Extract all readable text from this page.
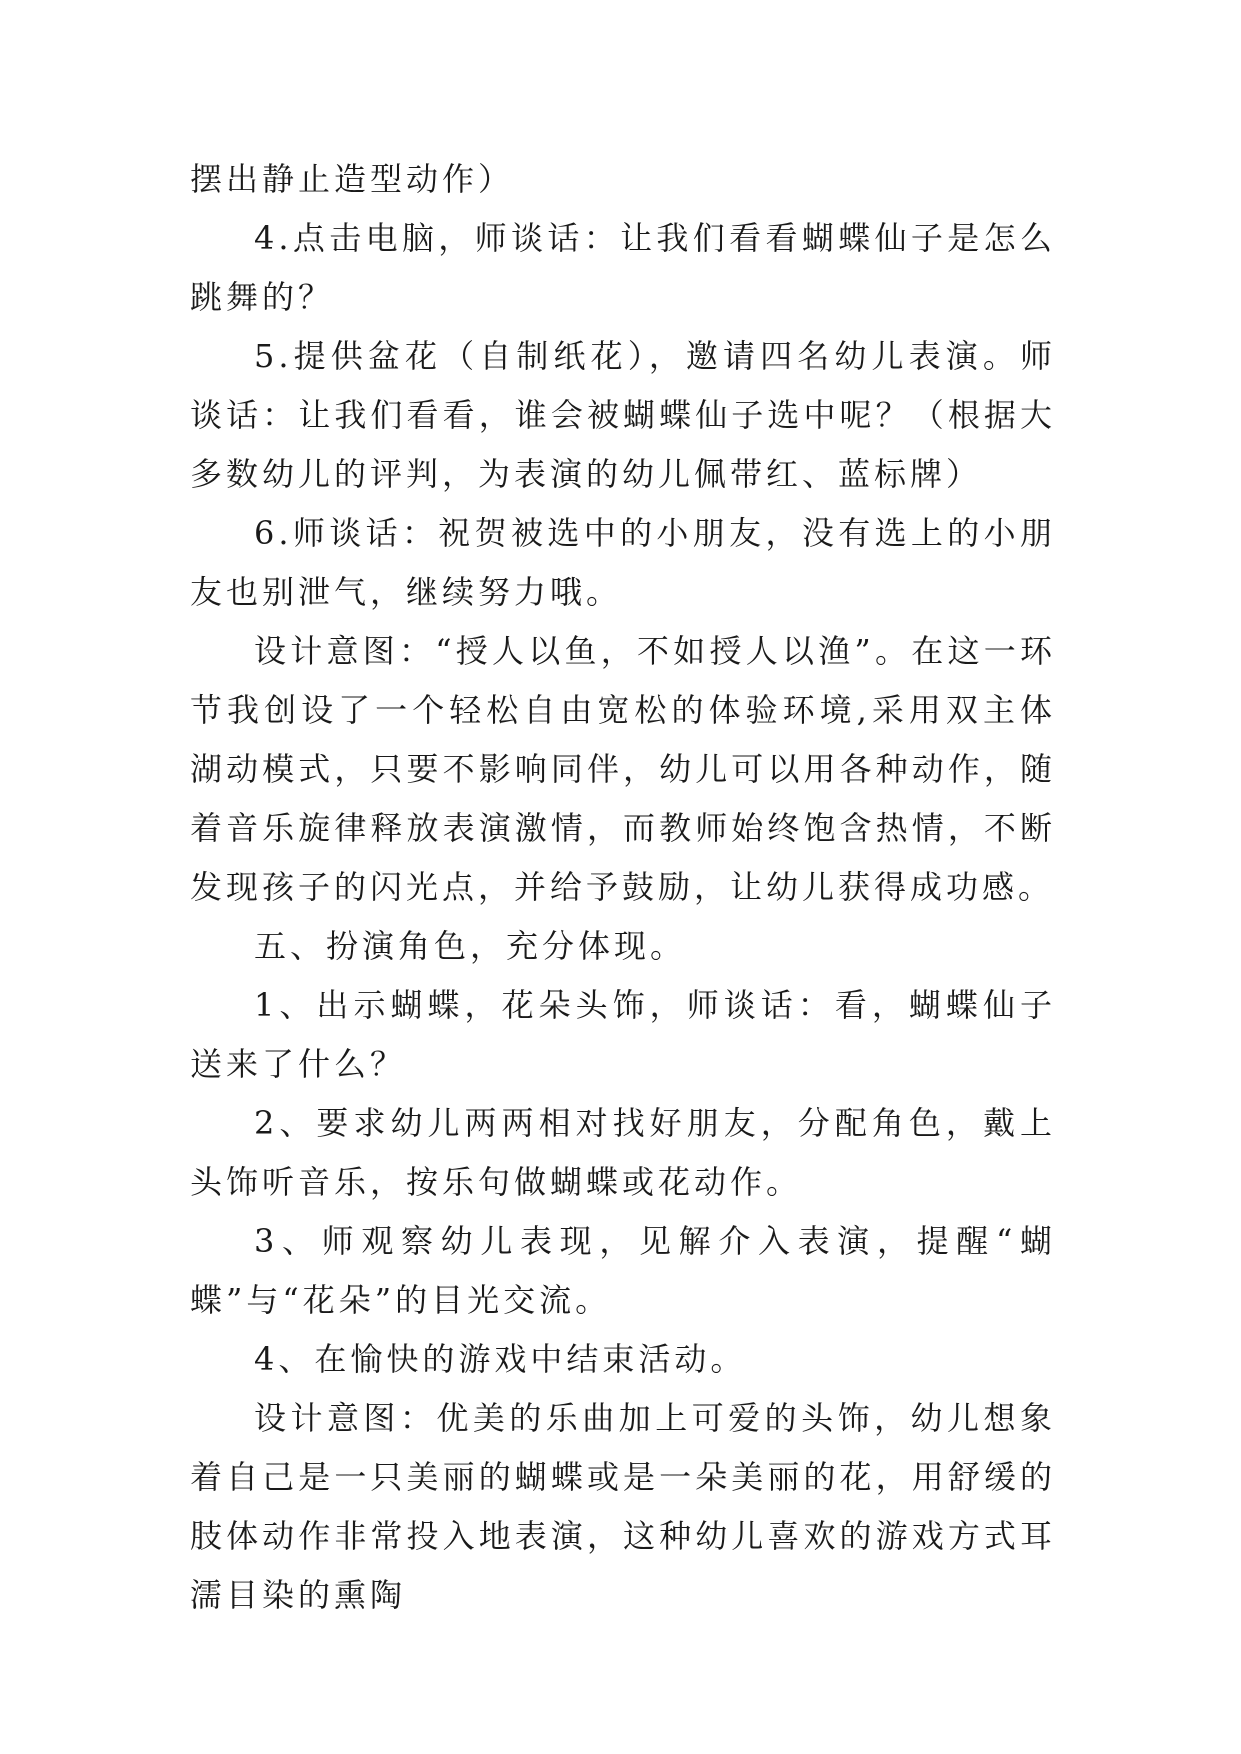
摆出静止造型动作）

4.点击电脑，师谈话：让我们看看蝴蝶仙子是怎么跳舞的？

5.提供盆花（自制纸花），邀请四名幼儿表演。师谈话：让我们看看，谁会被蝴蝶仙子选中呢？（根据大多数幼儿的评判，为表演的幼儿佩带红、蓝标牌）

6.师谈话：祝贺被选中的小朋友，没有选上的小朋友也别泄气，继续努力哦。

设计意图：“授人以鱼，不如授人以渔”。在这一环节我创设了一个轻松自由宽松的体验环境,采用双主体湖动模式，只要不影响同伴，幼儿可以用各种动作，随着音乐旋律释放表演激情，而教师始终饱含热情，不断发现孩子的闪光点，并给予鼓励，让幼儿获得成功感。

五、扮演角色，充分体现。

1、出示蝴蝶，花朵头饰，师谈话：看，蝴蝶仙子送来了什么？

2、要求幼儿两两相对找好朋友，分配角色，戴上头饰听音乐，按乐句做蝴蝶或花动作。

3、师观察幼儿表现，见解介入表演，提醒“蝴蝶”与“花朵”的目光交流。

4、在愉快的游戏中结束活动。

设计意图：优美的乐曲加上可爱的头饰，幼儿想象着自己是一只美丽的蝴蝶或是一朵美丽的花，用舒缓的肢体动作非常投入地表演，这种幼儿喜欢的游戏方式耳濡目染的熏陶
